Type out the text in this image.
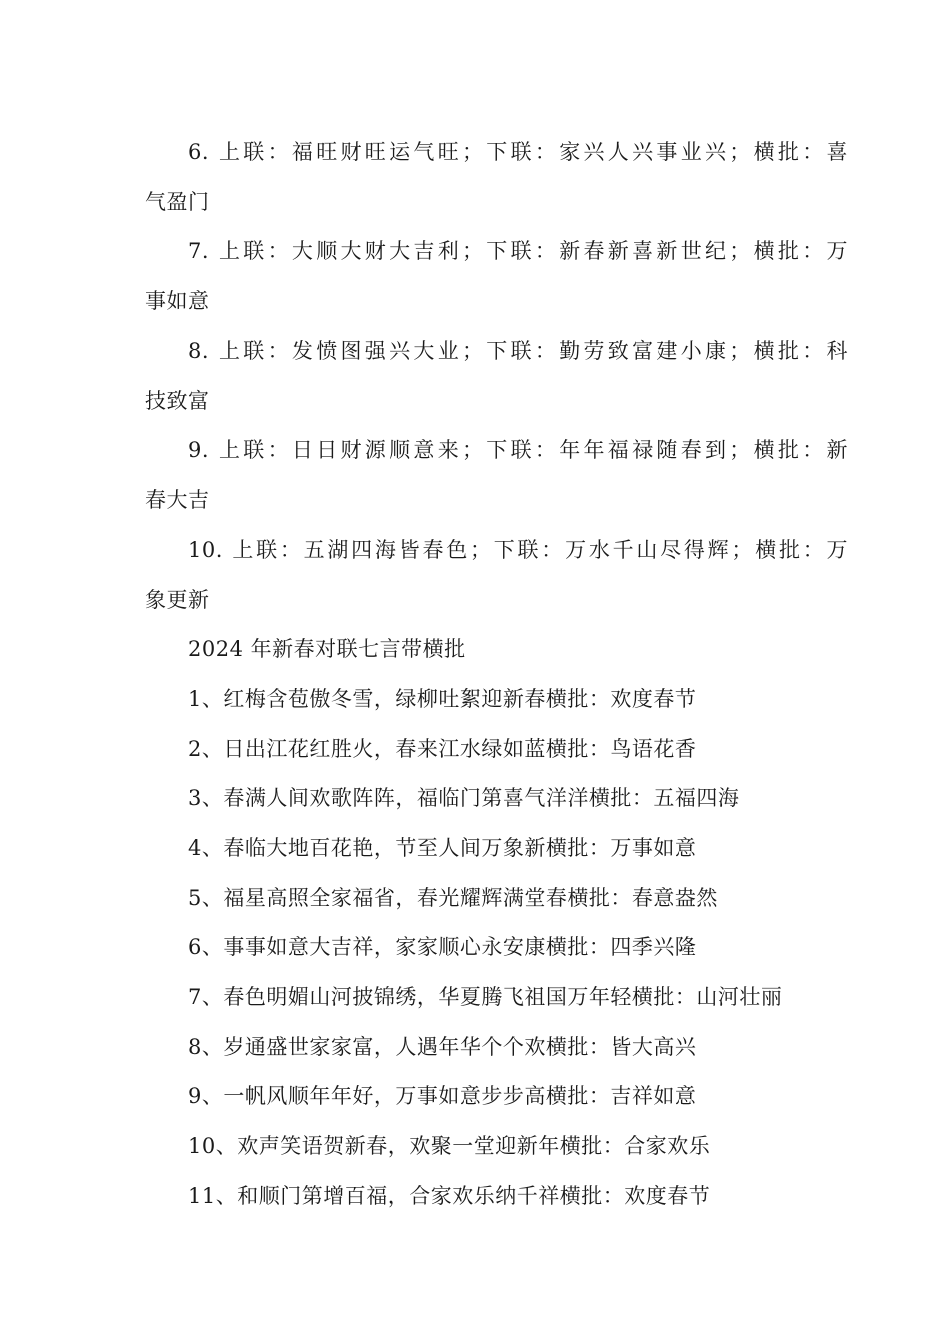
6. 上联：福旺财旺运气旺；下联：家兴人兴事业兴；横批：喜
气盈门
7. 上联：大顺大财大吉利；下联：新春新喜新世纪；横批：万
事如意
8. 上联：发愤图强兴大业；下联：勤劳致富建小康；横批：科
技致富
9. 上联：日日财源顺意来；下联：年年福禄随春到；横批：新
春大吉
10. 上联：五湖四海皆春色；下联：万水千山尽得辉；横批：万
象更新
2024 年新春对联七言带横批
1、红梅含苞傲冬雪，绿柳吐絮迎新春横批：欢度春节
2、日出江花红胜火，春来江水绿如蓝横批：鸟语花香
3、春满人间欢歌阵阵，福临门第喜气洋洋横批：五福四海
4、春临大地百花艳，节至人间万象新横批：万事如意
5、福星高照全家福省，春光耀辉满堂春横批：春意盎然
6、事事如意大吉祥，家家顺心永安康横批：四季兴隆
7、春色明媚山河披锦绣，华夏腾飞祖国万年轻横批：山河壮丽
8、岁通盛世家家富，人遇年华个个欢横批：皆大高兴
9、一帆风顺年年好，万事如意步步高横批：吉祥如意
10、欢声笑语贺新春，欢聚一堂迎新年横批：合家欢乐
11、和顺门第增百福，合家欢乐纳千祥横批：欢度春节
